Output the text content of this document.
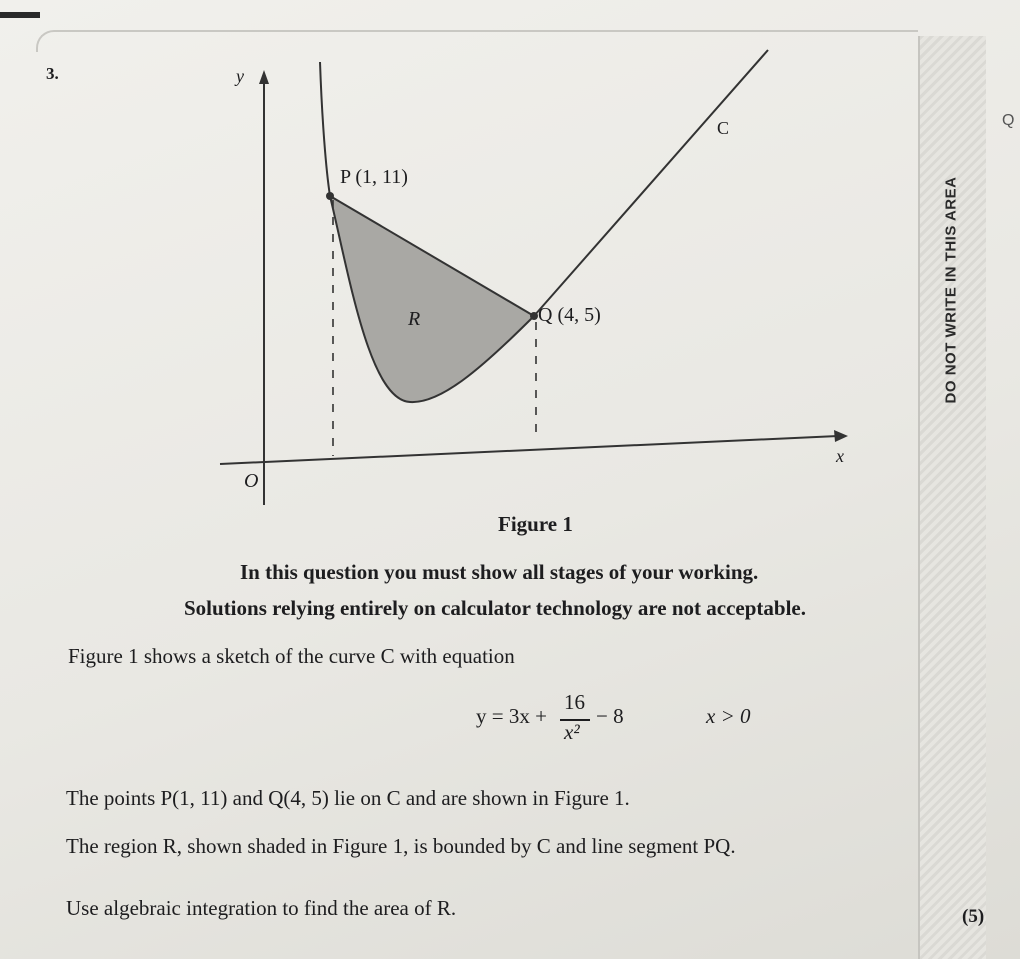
DO NOT WRITE IN THIS AREA
Q
3.	y
x
O
C
P (1, 11)
Q (4, 5)
R
Figure 1
In this question you must show all stages of your working.
Solutions relying entirely on calculator technology are not acceptable.
Figure 1 shows a sketch of the curve C with equation
y = 3x +
16
x²
− 8	x > 0
The points P(1, 11) and Q(4, 5) lie on C and are shown in Figure 1.
The region R, shown shaded in Figure 1, is bounded by C and line segment PQ.
Use algebraic integration to find the area of R.	(5)
